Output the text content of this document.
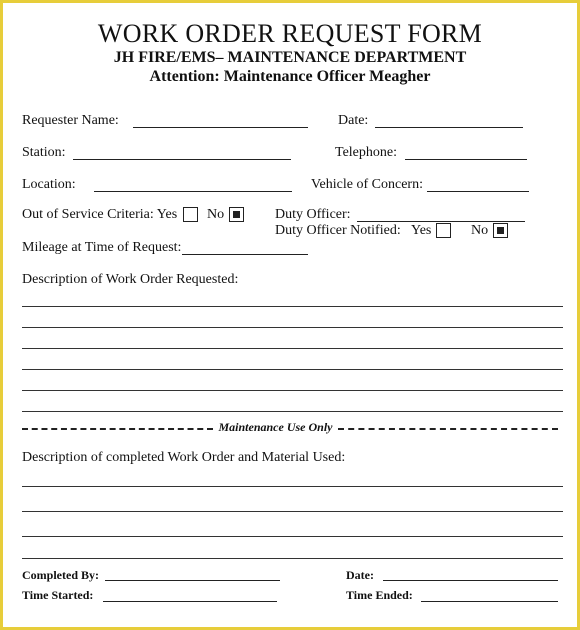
WORK ORDER REQUEST FORM
JH FIRE/EMS– MAINTENANCE DEPARTMENT
Attention: Maintenance Officer Meagher
Requester Name:	Date:
Station:	Telephone:
Location:	Vehicle of Concern:
Out of Service Criteria: Yes No	Duty Officer:
Duty Officer Notified: Yes	No
Mileage at Time of Request:
Description of Work Order Requested:
Maintenance Use Only
Description of completed Work Order and Material Used:
Completed By:	Date:
Time Started:	Time Ended:
